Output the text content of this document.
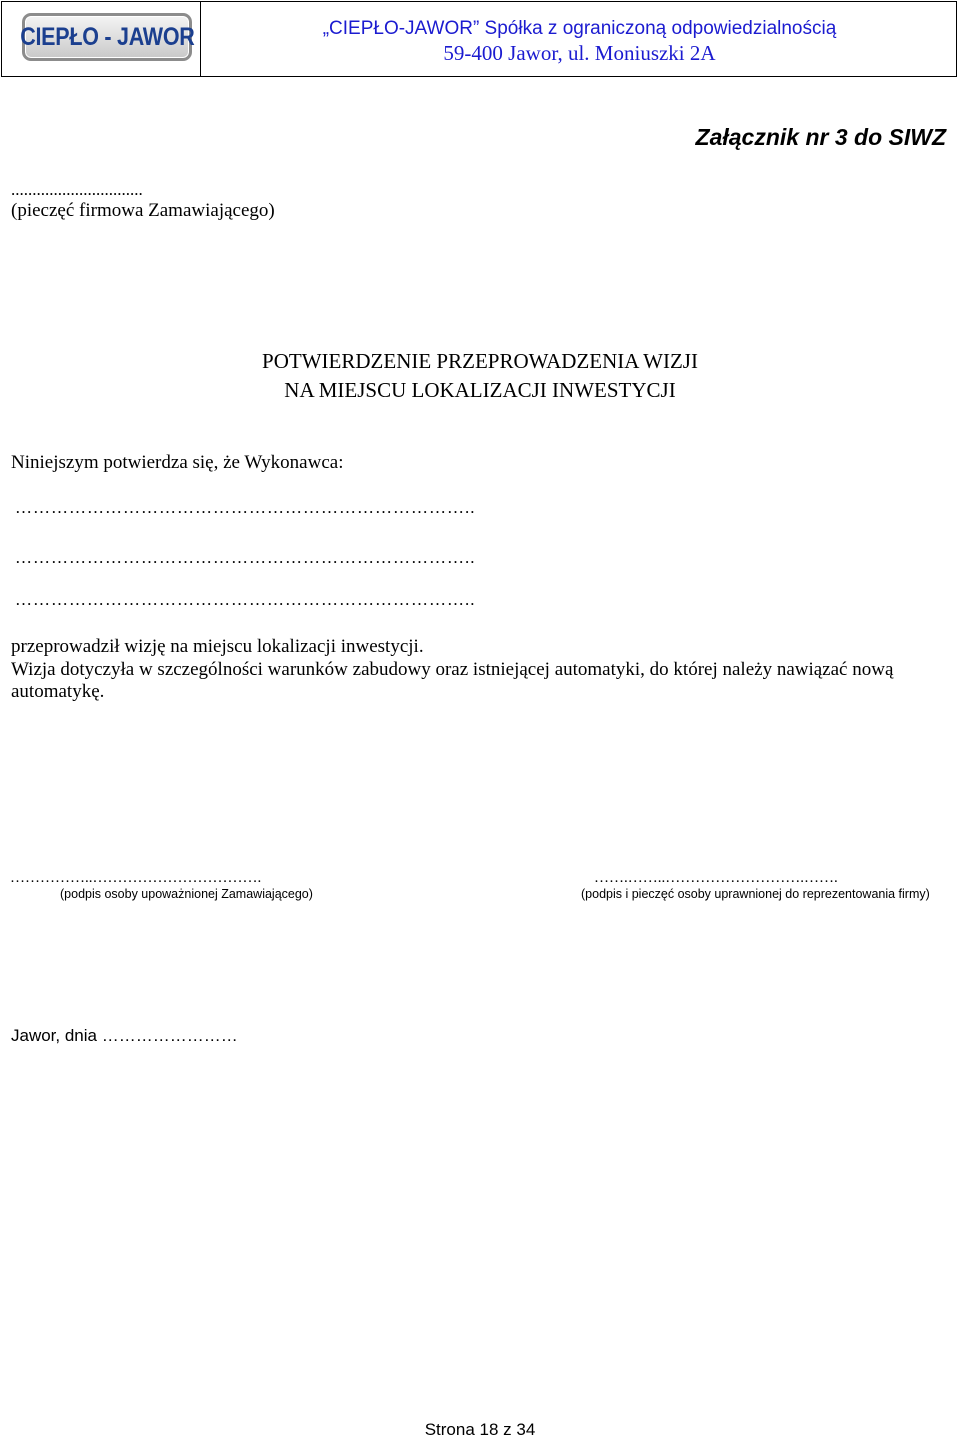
CIEPŁO - JAWOR	„CIEPŁO-JAWOR” Spółka z ograniczoną odpowiedzialnością
59-400 Jawor, ul. Moniuszki 2A
Załącznik nr 3 do SIWZ
...............................
(pieczęć firmowa Zamawiającego)
POTWIERDZENIE PRZEPROWADZENIA WIZJI
NA MIEJSCU LOKALIZACJI INWESTYCJI
Niniejszym potwierdza się, że Wykonawca:
…………………………………………………………………..
…………………………………………………………………..
…………………………………………………………………..
przeprowadził wizję na miejscu lokalizacji inwestycji.
Wizja dotyczyła w szczególności warunków zabudowy oraz istniejącej automatyki, do której należy nawiązać nową automatykę.
……………..…………………………….
(podpis osoby upoważnionej Zamawiającego)
…….……..……………………….…….
(podpis i pieczęć osoby uprawnionej do reprezentowania firmy)
Jawor, dnia ……………………
Strona 18 z 34
